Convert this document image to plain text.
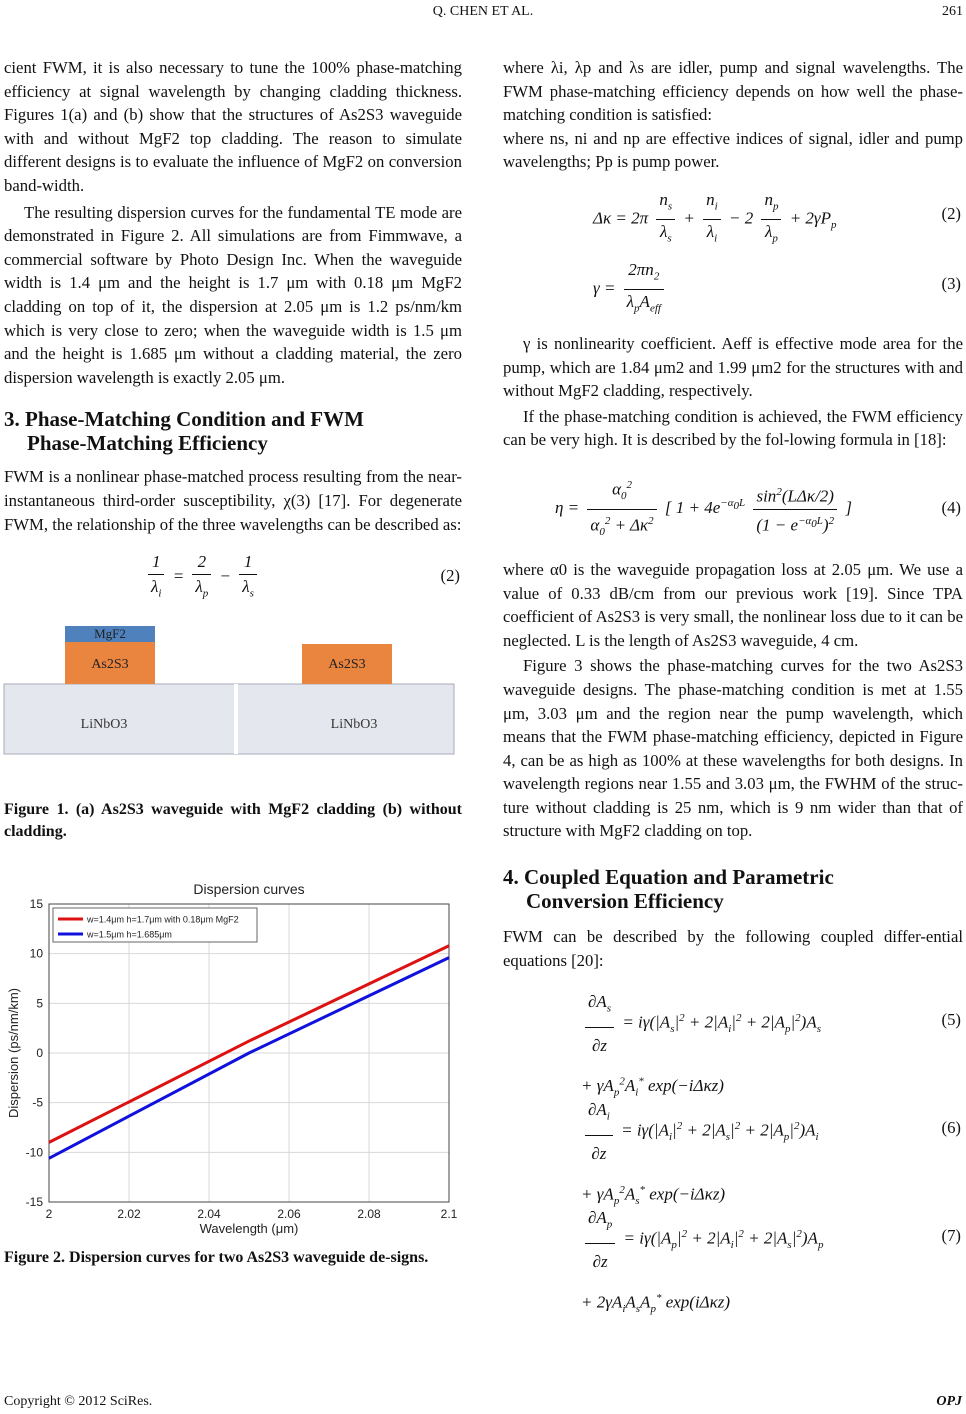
Q. CHEN ET AL.	261

cient FWM, it is also necessary to tune the 100% phase-matching efficiency at signal wavelength by changing cladding thickness. Figures 1(a) and (b) show that the structures of As2S3 waveguide with and without MgF2 top cladding. The reason to simulate different designs is to evaluate the influence of MgF2 on conversion band-width.

The resulting dispersion curves for the fundamental TE mode are demonstrated in Figure 2. All simulations are from Fimmwave, a commercial software by Photo Design Inc. When the waveguide width is 1.4 μm and the height is 1.7 μm with 0.18 μm MgF2 cladding on top of it, the dispersion at 2.05 μm is 1.2 ps/nm/km which is very close to zero; when the waveguide width is 1.5 μm and the height is 1.685 μm without a cladding material, the zero dispersion wavelength is exactly 2.05 μm.

3. Phase-Matching Condition and FWM
Phase-Matching Efficiency

FWM is a nonlinear phase-matched process resulting from the near-instantaneous third-order susceptibility, χ(3) [17]. For degenerate FWM, the relationship of the three wavelengths can be described as:

$\frac{1}{\lambda_i} = \frac{2}{\lambda_p} - \frac{1}{\lambda_s}$	(2)
MgF2
As2S3	As2S3
LiNbO3	LiNbO3

Figure 1. (a) As2S3 waveguide with MgF2 cladding (b) without cladding.

Dispersion curves
2	2.02	2.04	2.06	2.08	2.1
15
10
5
0
-5
-10
-15
Wavelength (μm)
Dispersion (ps/nm/km)
w=1.4μm h=1.7μm with 0.18μm MgF2
w=1.5μm h=1.685μm

Figure 2. Dispersion curves for two As2S3 waveguide de-signs.

where λi, λp and λs are idler, pump and signal wavelengths. The FWM phase-matching efficiency depends on how well the phase-matching condition is satisfied:

where ns, ni and np are effective indices of signal, idler and pump wavelengths; Pp is pump power.

$\Delta\kappa = 2\pi \frac{n_s}{\lambda_s} + \frac{n_i}{\lambda_i} - 2 \frac{n_p}{\lambda_p} + 2\gamma P_p$
(2)
$\gamma = \frac{2\pi n_2}{\lambda_pA_{eff}}$	(3)

γ is nonlinearity coefficient. Aeff is effective mode area for the pump, which are 1.84 μm2 and 1.99 μm2 for the structures with and without MgF2 cladding, respectively.

If the phase-matching condition is achieved, the FWM efficiency can be very high. It is described by the fol-lowing formula in [18]:

$\eta = \frac{\alpha_0^2}{\alpha_0^2 + \Delta\kappa^2}$ [ $1 + 4e^{-\alpha_0L} \frac{\sin^2(L\Delta\kappa/2)}{(1 - e^{-\alpha_0L})^2}$ ]	(4)

where α0 is the waveguide propagation loss at 2.05 μm. We use a value of 0.33 dB/cm from our previous work [19]. Since TPA coefficient of As2S3 is very small, the nonlinear loss due to it can be neglected. L is the length of As2S3 waveguide, 4 cm.

Figure 3 shows the phase-matching curves for the two As2S3 waveguide designs. The phase-matching condition is met at 1.55 μm, 3.03 μm and the region near the pump wavelength, which means that the FWM phase-matching efficiency, depicted in Figure 4, can be as high as 100% at these wavelengths for both designs. In wavelength regions near 1.55 and 3.03 μm, the FWHM of the struc-ture without cladding is 25 nm, which is 9 nm wider than that of structure with MgF2 cladding on top.

4. Coupled Equation and Parametric
Conversion Efficiency

FWM can be described by the following coupled differ-ential equations [20]:

$\frac{\partial A_s}{\partial z} = i\gamma(|A_s|^2 + 2|A_i|^2 + 2|A_p|^2)A_s$
+ $\gamma A_p^2A_i^*$ exp(−iΔκz)
(5)
$\frac{\partial A_i}{\partial z} = i\gamma(|A_i|^2 + 2|A_s|^2 + 2|A_p|^2)A_i$
+ $\gamma A_p^2A_s^*$ exp(−iΔκz)
(6)
$\frac{\partial A_p}{\partial z} = i\gamma(|A_p|^2 + 2|A_i|^2 + 2|A_s|^2)A_p$
+ $2\gamma A_iA_sA_p^*$ exp(iΔκz)
(7)
Copyright © 2012 SciRes.	OPJ
